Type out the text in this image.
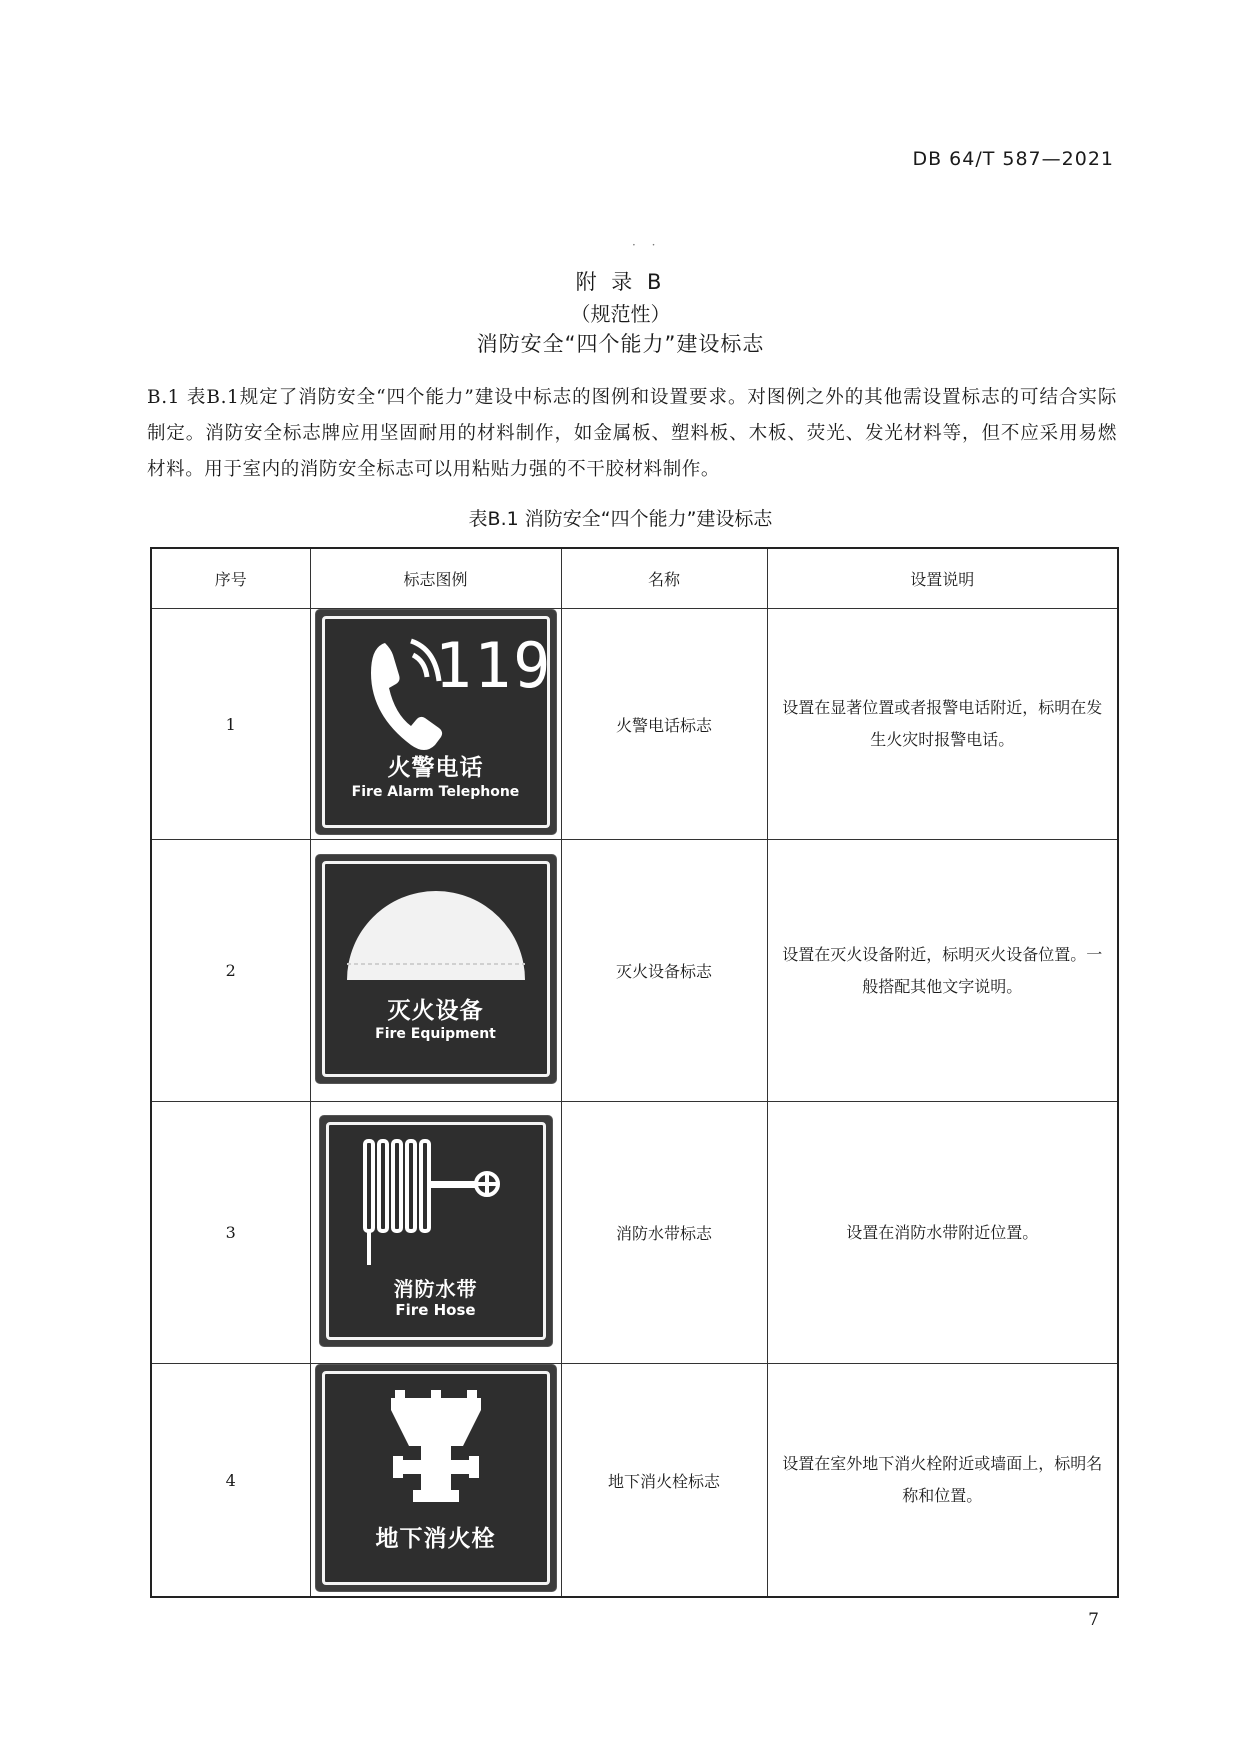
DB 64/T 587—2021
· ·
附 录 B
（规范性）
消防安全“四个能力”建设标志
B.1 表B.1规定了消防安全“四个能力”建设中标志的图例和设置要求。对图例之外的其他需设置标志的可结合实际制定。消防安全标志牌应用坚固耐用的材料制作，如金属板、塑料板、木板、荧光、发光材料等，但不应采用易燃材料。用于室内的消防安全标志可以用粘贴力强的不干胶材料制作。
表B.1 消防安全“四个能力”建设标志
序号	标志图例	名称	设置说明
1	119
火警电话
Fire Alarm Telephone	火警电话标志	设置在显著位置或者报警电话附近，标明在发生火灾时报警电话。
2	灭火设备
Fire Equipment	灭火设备标志	设置在灭火设备附近，标明灭火设备位置。一般搭配其他文字说明。
3	消防水带
Fire Hose	消防水带标志	设置在消防水带附近位置。
4	地下消火栓	地下消火栓标志	设置在室外地下消火栓附近或墙面上，标明名称和位置。
7
